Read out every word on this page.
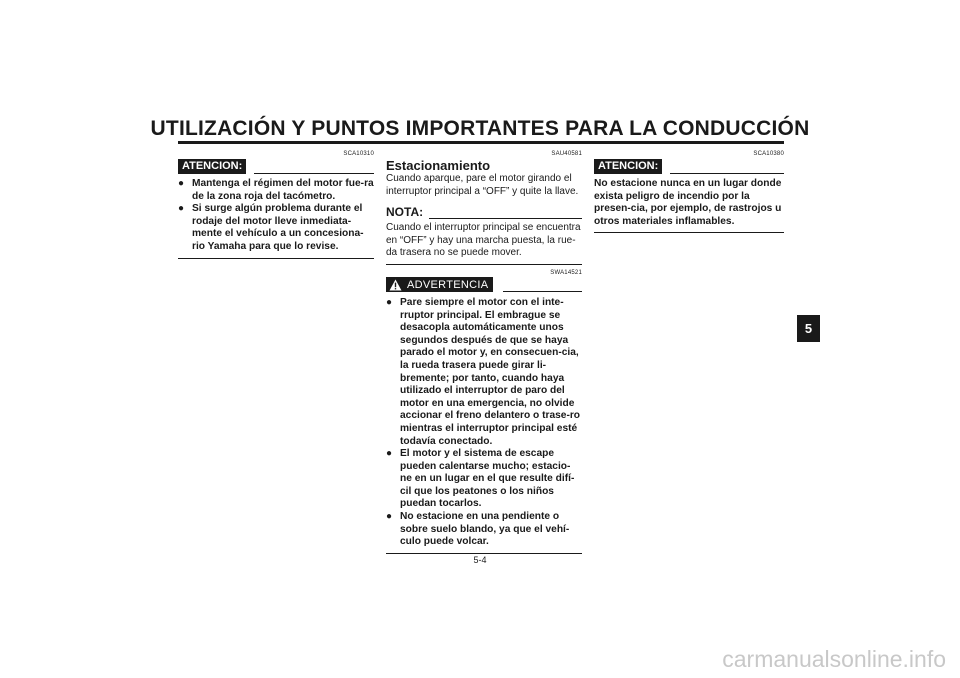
UTILIZACIÓN Y PUNTOS IMPORTANTES PARA LA CONDUCCIÓN
SCA10310
ATENCION:
● Mantenga el régimen del motor fue-ra de la zona roja del tacómetro.
● Si surge algún problema durante el rodaje del motor lleve inmediata-mente el vehículo a un concesiona-rio Yamaha para que lo revise.
SAU40581
Estacionamiento
Cuando aparque, pare el motor girando el interruptor principal a “OFF” y quite la llave.
NOTA:
Cuando el interruptor principal se encuentra en “OFF” y hay una marcha puesta, la rue-da trasera no se puede mover.
SWA14521
ADVERTENCIA
● Pare siempre el motor con el inte-rruptor principal. El embrague se desacopla automáticamente unos segundos después de que se haya parado el motor y, en consecuen-cia, la rueda trasera puede girar li-bremente; por tanto, cuando haya utilizado el interruptor de paro del motor en una emergencia, no olvide accionar el freno delantero o trase-ro mientras el interruptor principal esté todavía conectado.
● El motor y el sistema de escape pueden calentarse mucho; estacio-ne en un lugar en el que resulte difí-cil que los peatones o los niños puedan tocarlos.
● No estacione en una pendiente o sobre suelo blando, ya que el vehí-culo puede volcar.
SCA10380
ATENCION:
No estacione nunca en un lugar donde exista peligro de incendio por la presen-cia, por ejemplo, de rastrojos u otros materiales inflamables.
5
5-4
carmanualsonline.info
